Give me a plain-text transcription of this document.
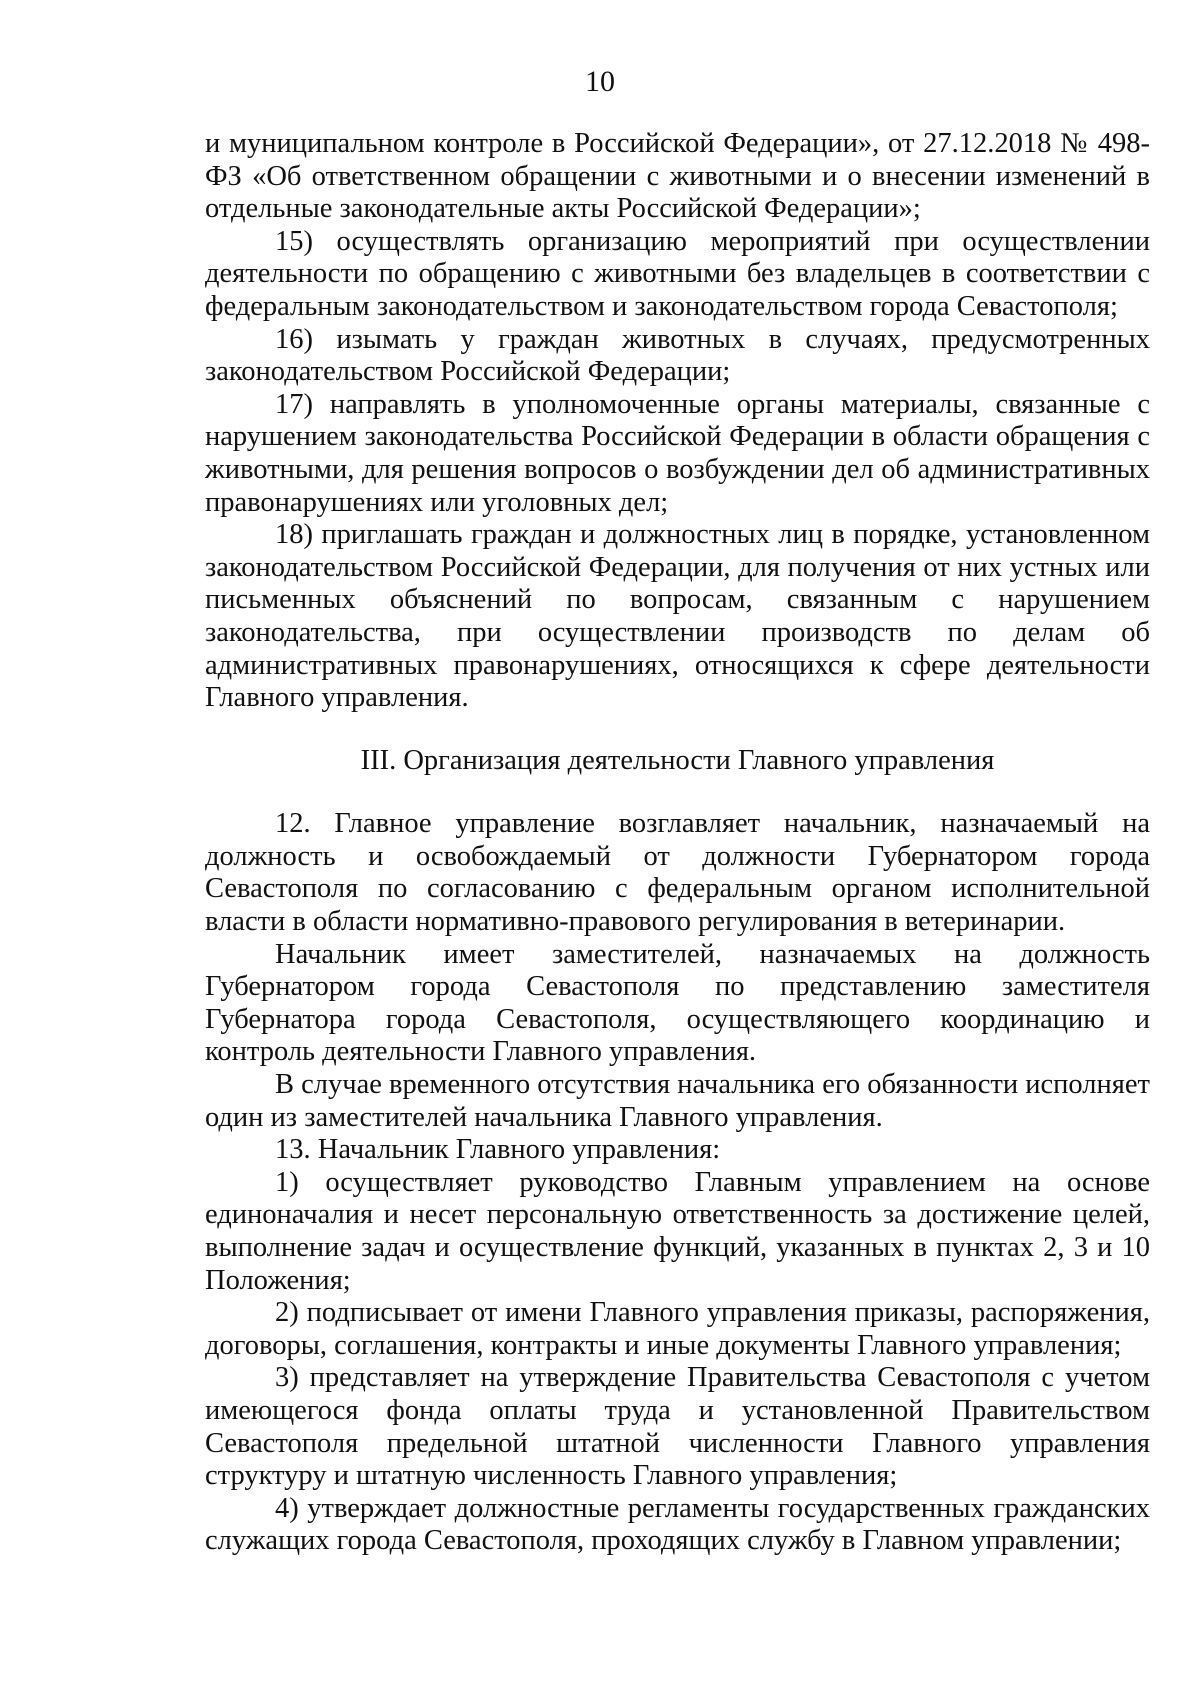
10

и муниципальном контроле в Российской Федерации», от 27.12.2018 № 498-ФЗ «Об ответственном обращении с животными и о внесении изменений в отдельные законодательные акты Российской Федерации»;

15) осуществлять организацию мероприятий при осуществлении деятельности по обращению с животными без владельцев в соответствии с федеральным законодательством и законодательством города Севастополя;

16) изымать у граждан животных в случаях, предусмотренных законодательством Российской Федерации;

17) направлять в уполномоченные органы материалы, связанные с нарушением законодательства Российской Федерации в области обращения с животными, для решения вопросов о возбуждении дел об административных правонарушениях или уголовных дел;

18) приглашать граждан и должностных лиц в порядке, установленном законодательством Российской Федерации, для получения от них устных или письменных объяснений по вопросам, связанным с нарушением законодательства, при осуществлении производств по делам об административных правонарушениях, относящихся к сфере деятельности Главного управления.

III. Организация деятельности Главного управления

12. Главное управление возглавляет начальник, назначаемый на должность и освобождаемый от должности Губернатором города Севастополя по согласованию с федеральным органом исполнительной власти в области нормативно-правового регулирования в ветеринарии.

Начальник имеет заместителей, назначаемых на должность Губернатором города Севастополя по представлению заместителя Губернатора города Севастополя, осуществляющего координацию и контроль деятельности Главного управления.

В случае временного отсутствия начальника его обязанности исполняет один из заместителей начальника Главного управления.

13. Начальник Главного управления:

1) осуществляет руководство Главным управлением на основе единоначалия и несет персональную ответственность за достижение целей, выполнение задач и осуществление функций, указанных в пунктах 2, 3 и 10 Положения;

2) подписывает от имени Главного управления приказы, распоряжения, договоры, соглашения, контракты и иные документы Главного управления;

3) представляет на утверждение Правительства Севастополя с учетом имеющегося фонда оплаты труда и установленной Правительством Севастополя предельной штатной численности Главного управления структуру и штатную численность Главного управления;

4) утверждает должностные регламенты государственных гражданских служащих города Севастополя, проходящих службу в Главном управлении;
